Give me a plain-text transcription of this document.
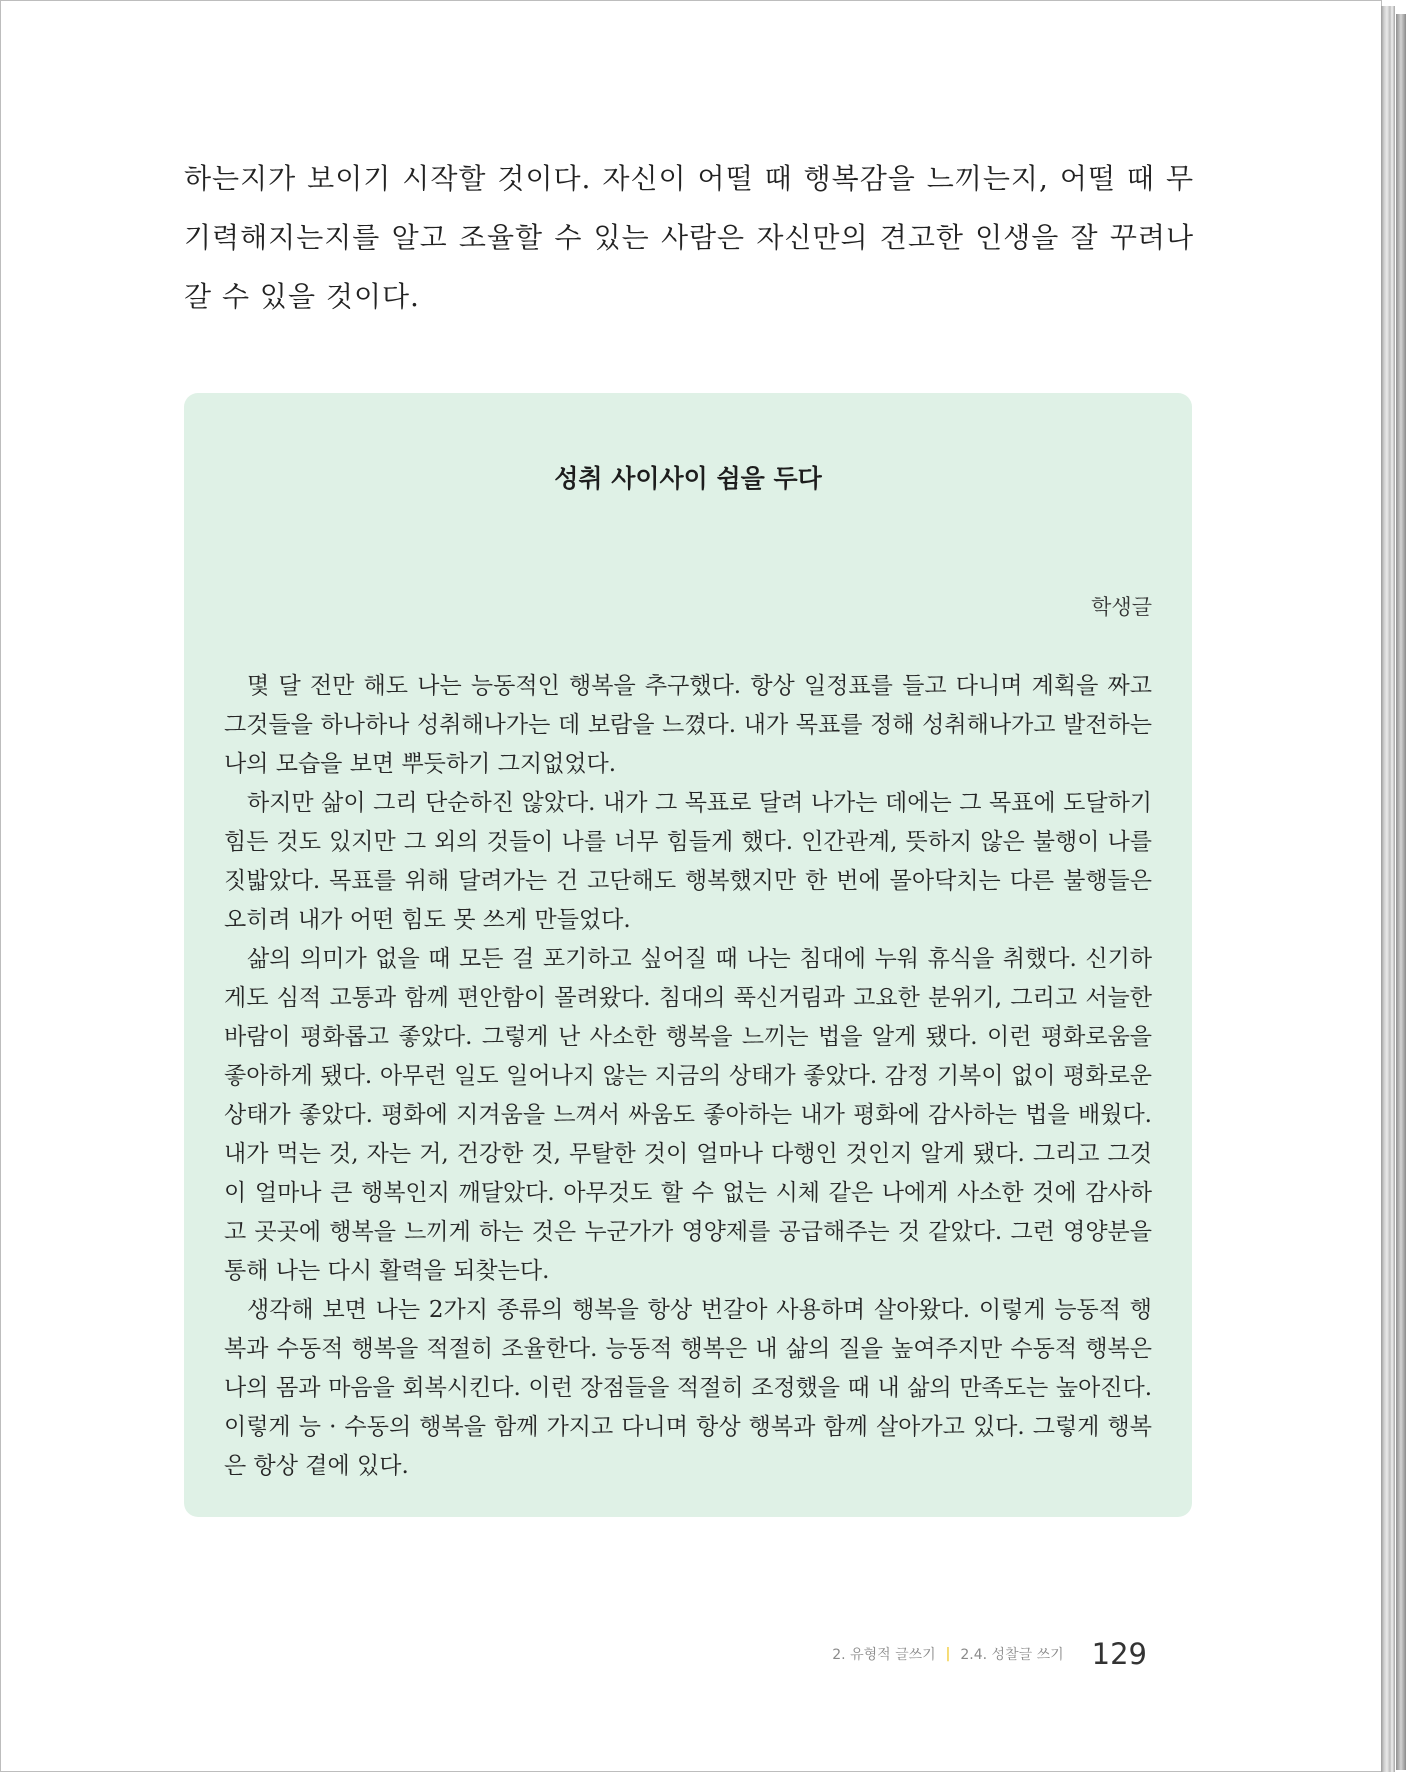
하는지가 보이기 시작할 것이다. 자신이 어떨 때 행복감을 느끼는지, 어떨 때 무기력해지는지를 알고 조율할 수 있는 사람은 자신만의 견고한 인생을 잘 꾸려나갈 수 있을 것이다.

성취 사이사이 쉼을 두다
학생글

몇 달 전만 해도 나는 능동적인 행복을 추구했다. 항상 일정표를 들고 다니며 계획을 짜고 그것들을 하나하나 성취해나가는 데 보람을 느꼈다. 내가 목표를 정해 성취해나가고 발전하는 나의 모습을 보면 뿌듯하기 그지없었다.

하지만 삶이 그리 단순하진 않았다. 내가 그 목표로 달려 나가는 데에는 그 목표에 도달하기 힘든 것도 있지만 그 외의 것들이 나를 너무 힘들게 했다. 인간관계, 뜻하지 않은 불행이 나를 짓밟았다. 목표를 위해 달려가는 건 고단해도 행복했지만 한 번에 몰아닥치는 다른 불행들은 오히려 내가 어떤 힘도 못 쓰게 만들었다.

삶의 의미가 없을 때 모든 걸 포기하고 싶어질 때 나는 침대에 누워 휴식을 취했다. 신기하게도 심적 고통과 함께 편안함이 몰려왔다. 침대의 푹신거림과 고요한 분위기, 그리고 서늘한 바람이 평화롭고 좋았다. 그렇게 난 사소한 행복을 느끼는 법을 알게 됐다. 이런 평화로움을 좋아하게 됐다. 아무런 일도 일어나지 않는 지금의 상태가 좋았다. 감정 기복이 없이 평화로운 상태가 좋았다. 평화에 지겨움을 느껴서 싸움도 좋아하는 내가 평화에 감사하는 법을 배웠다. 내가 먹는 것, 자는 거, 건강한 것, 무탈한 것이 얼마나 다행인 것인지 알게 됐다. 그리고 그것이 얼마나 큰 행복인지 깨달았다. 아무것도 할 수 없는 시체 같은 나에게 사소한 것에 감사하고 곳곳에 행복을 느끼게 하는 것은 누군가가 영양제를 공급해주는 것 같았다. 그런 영양분을 통해 나는 다시 활력을 되찾는다.

생각해 보면 나는 2가지 종류의 행복을 항상 번갈아 사용하며 살아왔다. 이렇게 능동적 행복과 수동적 행복을 적절히 조율한다. 능동적 행복은 내 삶의 질을 높여주지만 수동적 행복은 나의 몸과 마음을 회복시킨다. 이런 장점들을 적절히 조정했을 때 내 삶의 만족도는 높아진다. 이렇게 능 · 수동의 행복을 함께 가지고 다니며 항상 행복과 함께 살아가고 있다. 그렇게 행복은 항상 곁에 있다.

2. 유형적 글쓰기 | 2.4. 성찰글 쓰기 129
